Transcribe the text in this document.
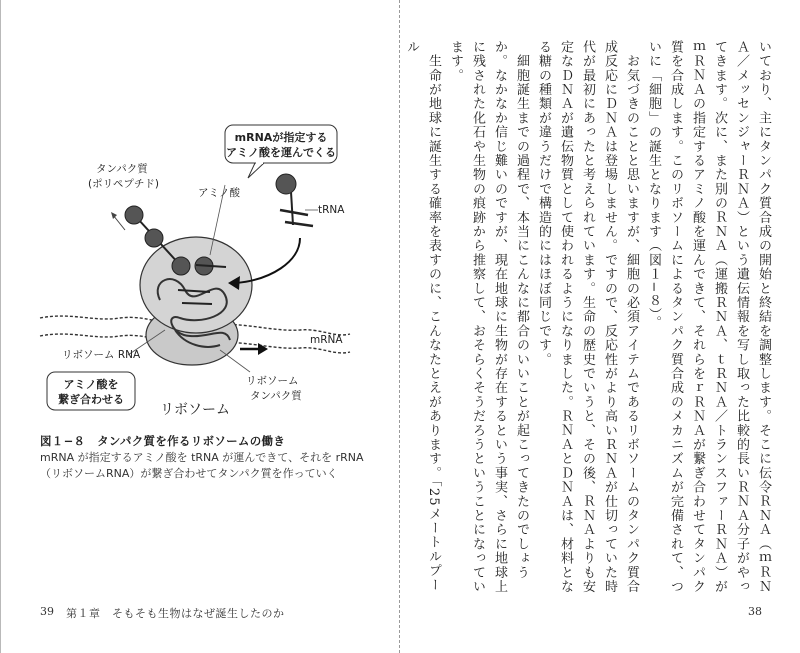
タンパク質
(ポリペプチド)
アミノ酸
tRNA
mRNA
リボソーム RNA
リボソーム
タンパク質
リボソーム
mRNAが指定する
アミノ酸を運んでくる
アミノ酸を
繋ぎ合わせる
図１−８　タンパク質を作るリボソームの働き
mRNA が指定するアミノ酸を tRNA が運んできて、それを rRNA（リボソームRNA）が繋ぎ合わせてタンパク質を作っていく
39 第１章　そもそも生物はなぜ誕生したのか
いており、主にタンパク質合成の開始と終結を調整します。そこに伝令ＲＮＡ（ｍＲＮＡ／メッセンジャーＲＮＡ）という遺伝情報を写し取った比較的長いＲＮＡ分子がやってきます。次に、また別のＲＮＡ（運搬ＲＮＡ、ｔＲＮＡ／トランスファーＲＮＡ）がｍＲＮＡの指定するアミノ酸を運んできて、それらをｒＲＮＡが繋ぎ合わせてタンパク質を合成します。このリボソームによるタンパク質合成のメカニズムが完備されて、ついに「細胞」の誕生となります（図１−８）。
　お気づきのことと思いますが、細胞の必須アイテムであるリボソームのタンパク質合成反応にＤＮＡは登場しません。ですので、反応性がより高いＲＮＡが仕切っていた時代が最初にあったと考えられています。生命の歴史でいうと、その後、ＲＮＡよりも安定なＤＮＡが遺伝物質として使われるようになりました。ＲＮＡとＤＮＡは、材料となる糖の種類が違うだけで構造的にはほぼ同じです。
　細胞誕生までの過程で、本当にこんなに都合のいいことが起こってきたのでしょうか。なかなか信じ難いのですが、現在地球に生物が存在するという事実、さらに地球上に残された化石や生物の痕跡から推察して、おそらくそうだろうということになっています。
　生命が地球に誕生する確率を表すのに、こんなたとえがあります。「25メートルプール
38
